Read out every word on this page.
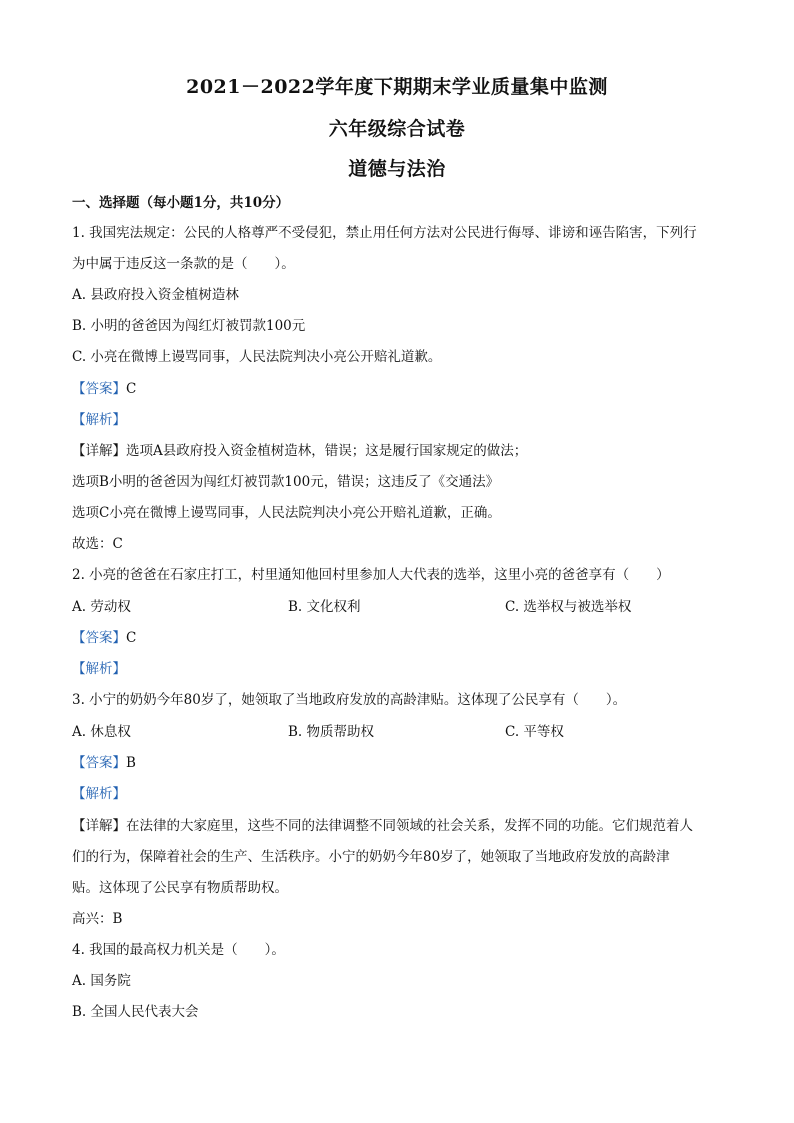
2021－2022学年度下期期末学业质量集中监测
六年级综合试卷
道德与法治
一、选择题（每小题1分，共10分）
1. 我国宪法规定：公民的人格尊严不受侵犯，禁止用任何方法对公民进行侮辱、诽谤和诬告陷害，下列行
为中属于违反这一条款的是（　　）。
A. 县政府投入资金植树造林
B. 小明的爸爸因为闯红灯被罚款100元
C. 小亮在微博上谩骂同事，人民法院判决小亮公开赔礼道歉。
【答案】C
【解析】
【详解】选项A县政府投入资金植树造林，错误；这是履行国家规定的做法；
选项B小明的爸爸因为闯红灯被罚款100元，错误；这违反了《交通法》
选项C小亮在微博上谩骂同事，人民法院判决小亮公开赔礼道歉，正确。
故选：C
2. 小亮的爸爸在石家庄打工，村里通知他回村里参加人大代表的选举，这里小亮的爸爸享有（　　）
A. 劳动权	B. 文化权利	C. 选举权与被选举权
【答案】C
【解析】
3. 小宁的奶奶今年80岁了，她领取了当地政府发放的高龄津贴。这体现了公民享有（　　）。
A. 休息权	B. 物质帮助权	C. 平等权
【答案】B
【解析】
【详解】在法律的大家庭里，这些不同的法律调整不同领域的社会关系，发挥不同的功能。它们规范着人
们的行为，保障着社会的生产、生活秩序。小宁的奶奶今年80岁了，她领取了当地政府发放的高龄津
贴。这体现了公民享有物质帮助权。
高兴：B
4. 我国的最高权力机关是（　　）。
A. 国务院
B. 全国人民代表大会
